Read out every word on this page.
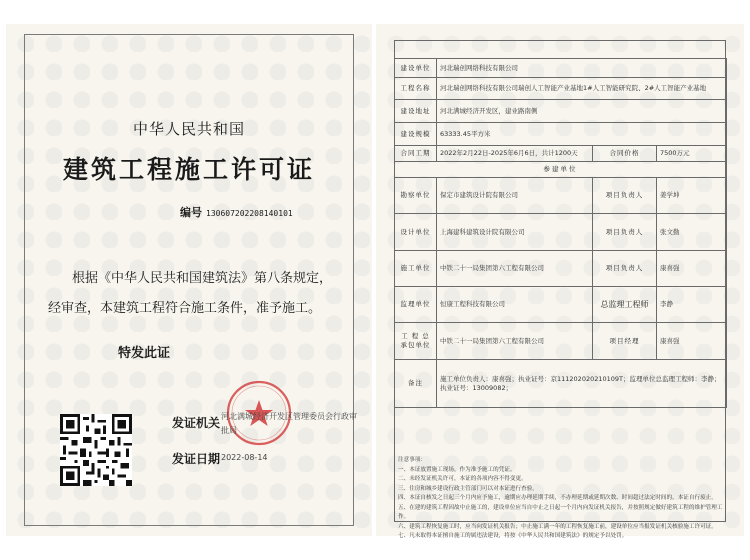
中华人民共和国
建筑工程施工许可证
编号 130607202208140101
根据《中华人民共和国建筑法》第八条规定，
经审查，本建筑工程符合施工条件，准予施工。
特发此证
发证机关 河北满城经济开发区管理委员会行政审批局
发证日期 2022-08-14
建设单位	河北瑞创网络科技有限公司		
工程名称	河北瑞创网络科技有限公司瑞创人工智能产业基地1#人工智能研究院、2#人工智能产业基地		
建设地址	河北满城经济开发区，建业路南侧		
建设规模	63333.45平方米		
合同工期	2022年2月22日-2025年6月6日，共计1200天	合同价格	7500万元
参建单位			
勘察单位	保定市建筑设计院有限公司	项目负责人	姜学坤
设计单位	上海建科建筑设计院有限公司	项目负责人	张文勤
施工单位	中铁二十一局集团第六工程有限公司	项目负责人	康喜强
监理单位	恒康工程科技有限公司	总监理工程师	李静

工 程 总
承包单位	中铁二十一局集团第六工程有限公司	项目经理	康喜强
备注	施工单位负责人：康喜强；执业证号：京111202020210109T；监理单位总监理工程师：李静；执业证号：13009082；		
注意事项：
一、本证放置施工现场，作为准予施工的凭证。
二、未经发证机关许可，本证的各项内容不得变更。
三、住房和城乡建设行政主管部门可以对本证进行查验。
四、本证自核发之日起三个月内应予施工，逾期应办理延期手续，不办理延期或延期次数、时间超过法定时间的，本证自行废止。
五、在建的建筑工程因故中止施工的，建设单位应当自中止之日起一个月内向发证机关报告，并按照规定做好建筑工程的维护管理工作。
六、建筑工程恢复施工时，应当向发证机关报告；中止施工满一年的工程恢复施工前，建设单位应当报发证机关核验施工许可证。
七、凡未取得本证擅自施工的属违法建设，将按《中华人民共和国建筑法》的规定予以处罚。
